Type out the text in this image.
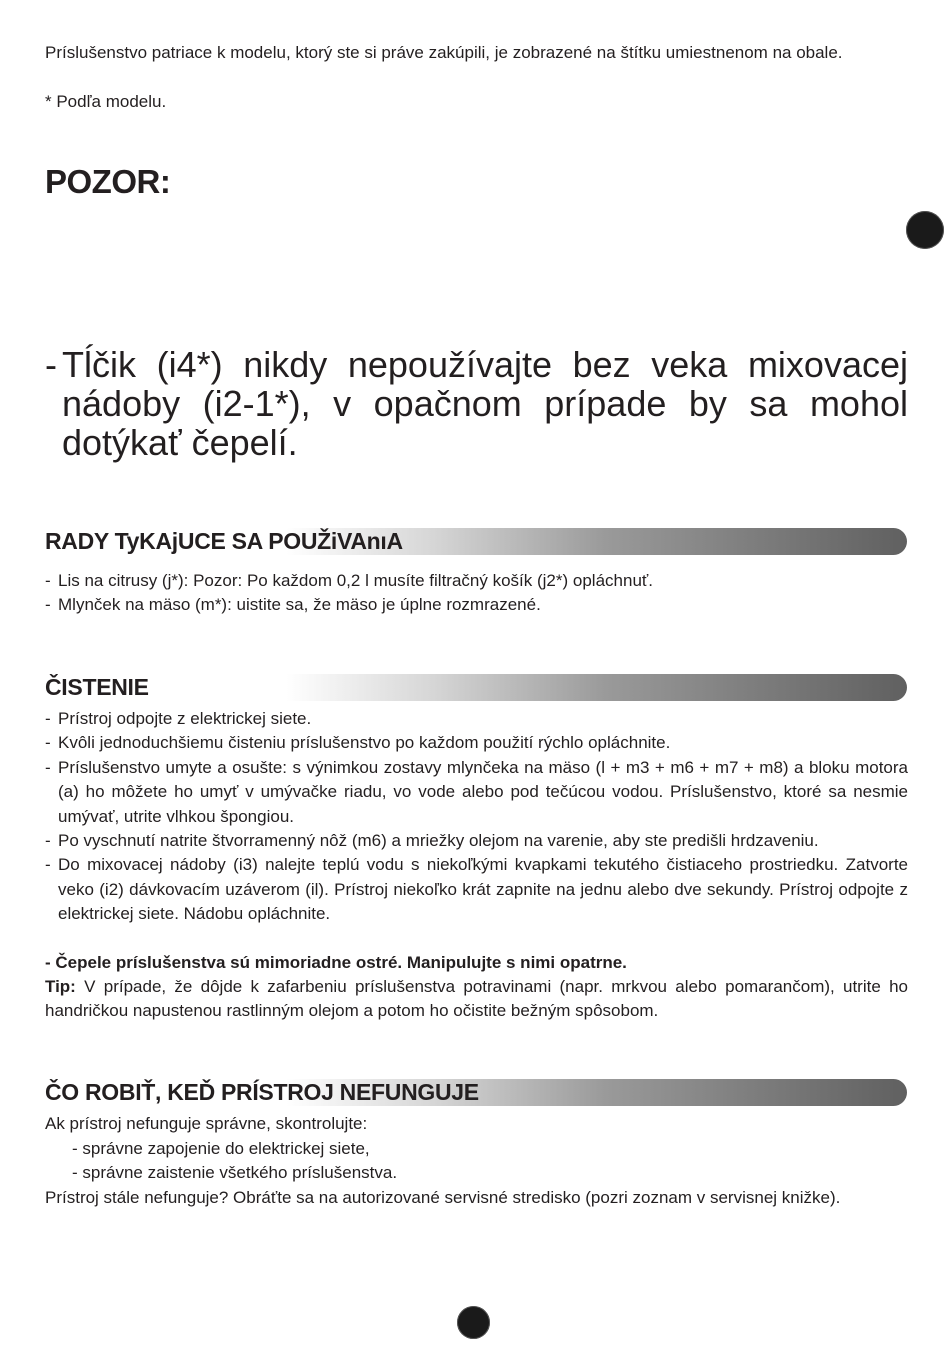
Príslušenstvo patriace k modelu, ktorý ste si práve zakúpili, je zobrazené na štítku umiestnenom na obale.
* Podľa modelu.
POZOR:
- Tĺčik (i4*) nikdy nepoužívajte bez veka mixovacej nádoby (i2-1*), v opačnom prípade by sa mohol dotýkať čepelí.
RADY TyKAjUCE SA POUŽiVAnıA
- Lis na citrusy (j*): Pozor: Po každom 0,2 l musíte filtračný košík (j2*) opláchnuť.
- Mlynček na mäso (m*): uistite sa, že mäso je úplne rozmrazené.
ČISTENIE
- Prístroj odpojte z elektrickej siete.
- Kvôli jednoduchšiemu čisteniu príslušenstvo po každom použití rýchlo opláchnite.
- Príslušenstvo umyte a osušte: s výnimkou zostavy mlynčeka na mäso (l + m3 + m6 + m7 + m8) a bloku motora (a) ho môžete ho umyť v umývačke riadu, vo vode alebo pod tečúcou vodou. Príslušenstvo, ktoré sa nesmie umývať, utrite vlhkou špongiou.
- Po vyschnutí natrite štvorramenný nôž (m6) a mriežky olejom na varenie, aby ste predišli hrdzaveniu.
- Do mixovacej nádoby (i3) nalejte teplú vodu s niekoľkými kvapkami tekutého čistiaceho prostriedku. Zatvorte veko (i2) dávkovacím uzáverom (il). Prístroj niekoľko krát zapnite na jednu alebo dve sekundy. Prístroj odpojte z elektrickej siete. Nádobu opláchnite.
- Čepele príslušenstva sú mimoriadne ostré. Manipulujte s nimi opatrne.
Tip: V prípade, že dôjde k zafarbeniu príslušenstva potravinami (napr. mrkvou alebo pomarančom), utrite ho handričkou napustenou rastlinným olejom a potom ho očistite bežným spôsobom.
ČO ROBIŤ, KEĎ PRÍSTROJ NEFUNGUJE
Ak prístroj nefunguje správne, skontrolujte:
- správne zapojenie do elektrickej siete,
- správne zaistenie všetkého príslušenstva.
Prístroj stále nefunguje? Obráťte sa na autorizované servisné stredisko (pozri zoznam v servisnej knižke).
